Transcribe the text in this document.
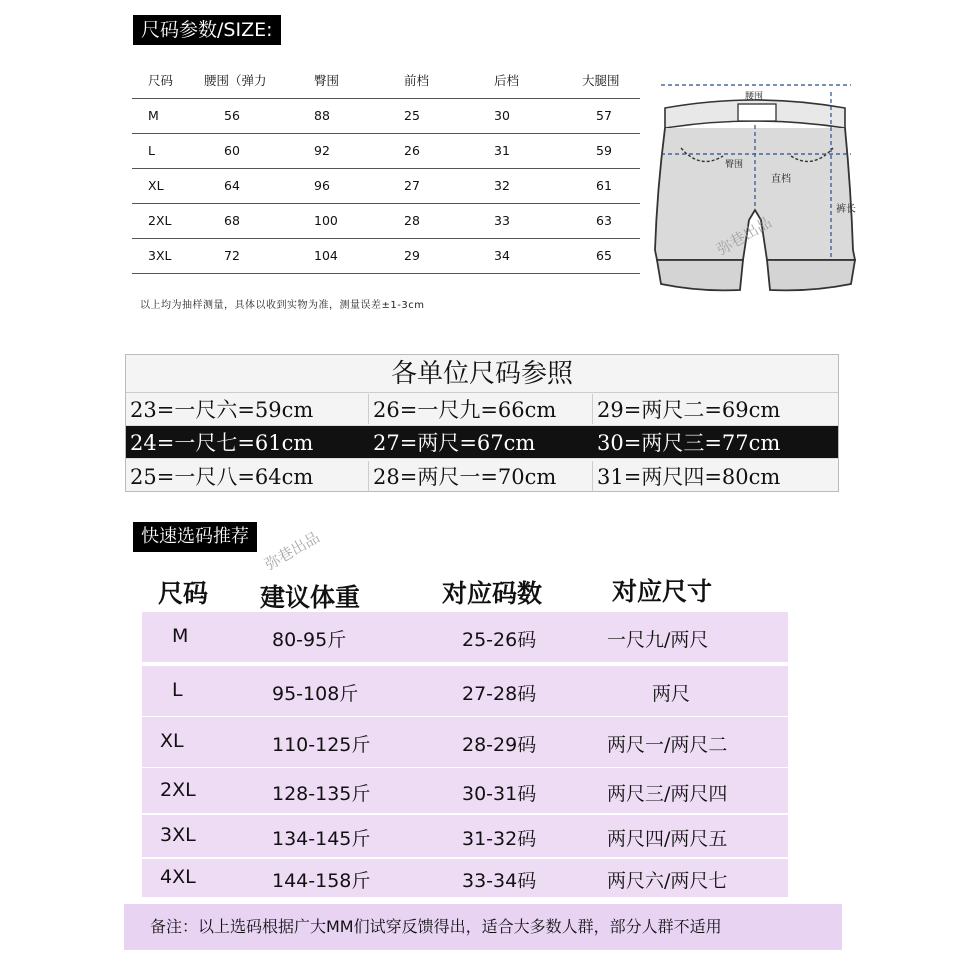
尺码参数/SIZE:
尺码	腰围（弹力	臀围	前档	后档	大腿围
M	56	88	25	30	57
L	60	92	26	31	59
XL	64	96	27	32	61
2XL	68	100	28	33	63
3XL	72	104	29	34	65
以上均为抽样测量，具体以收到实物为准，测量误差±1-3cm
腰围
臀围
直档
裤长
弥巷出品
各单位尺码参照
23=一尺六=59cm	26=一尺九=66cm	29=两尺二=69cm
24=一尺七=61cm	27=两尺=67cm	30=两尺三=77cm
25=一尺八=64cm	28=两尺一=70cm	31=两尺四=80cm
快速选码推荐 弥巷出品
尺码 建议体重	对应码数	对应尺寸
M	80-95斤	25-26码	一尺九/两尺
L	95-108斤	27-28码	两尺
XL	110-125斤	28-29码	两尺一/两尺二
2XL	128-135斤	30-31码	两尺三/两尺四
3XL	134-145斤	31-32码	两尺四/两尺五
4XL	144-158斤	33-34码	两尺六/两尺七
备注：以上选码根据广大MM们试穿反馈得出，适合大多数人群，部分人群不适用
